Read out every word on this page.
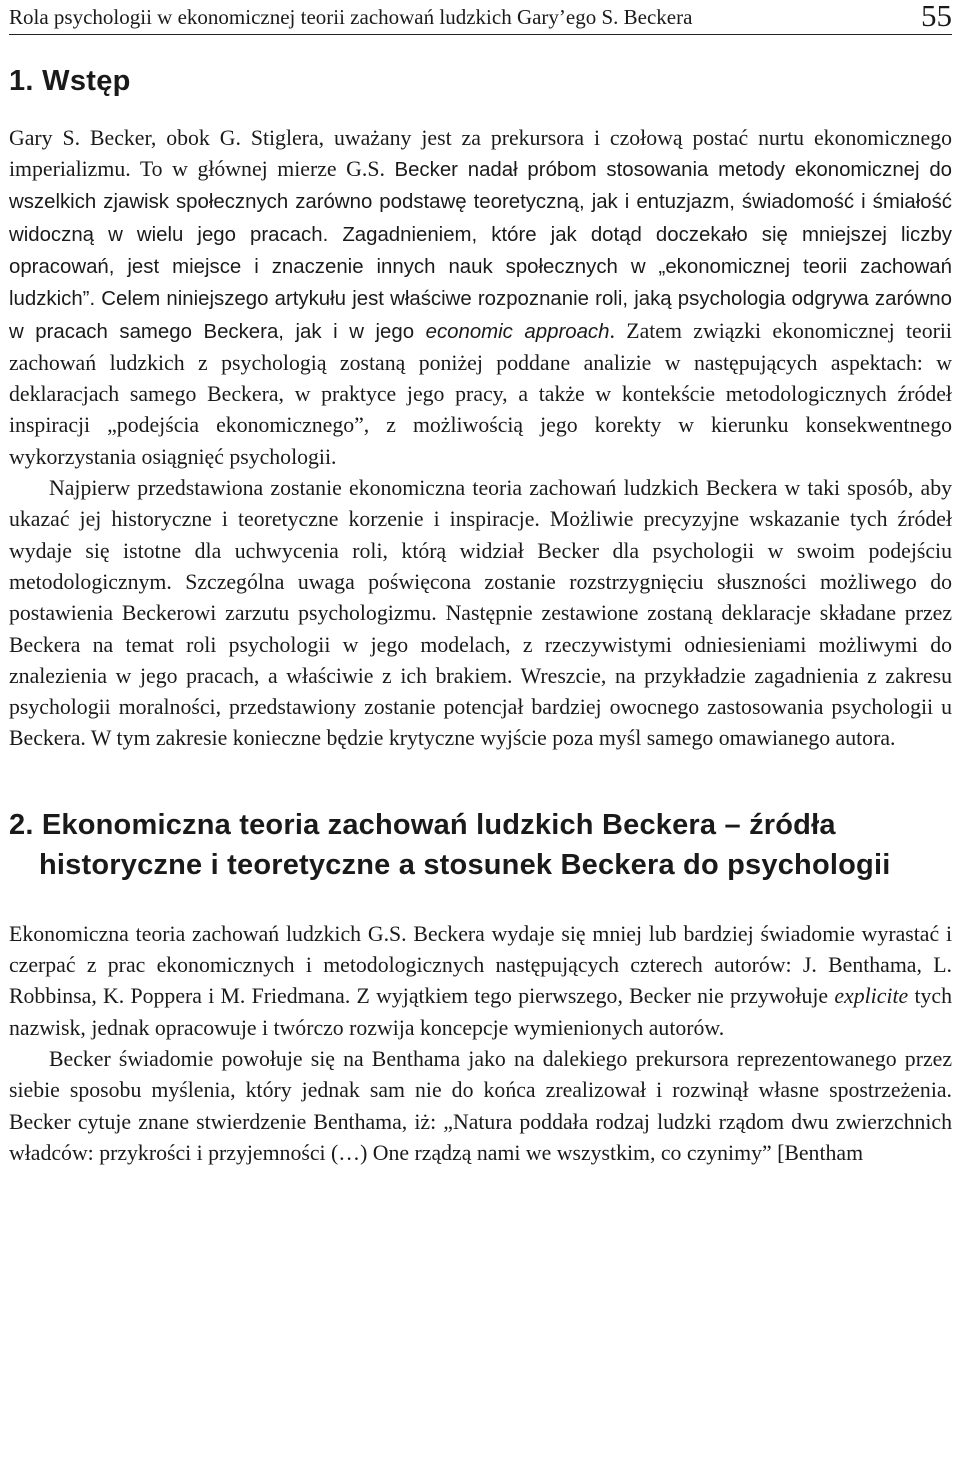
Rola psychologii w ekonomicznej teorii zachowań ludzkich Gary’ego S. Beckera	55
1. Wstęp

Gary S. Becker, obok G. Stiglera, uważany jest za prekursora i czołową postać nurtu ekonomicznego imperializmu. To w głównej mierze G.S. Becker nadał próbom stosowania metody ekonomicznej do wszelkich zjawisk społecznych zarówno podstawę teoretyczną, jak i entuzjazm, świadomość i śmiałość widoczną w wielu jego pracach. Zagadnieniem, które jak dotąd doczekało się mniejszej liczby opracowań, jest miejsce i znaczenie innych nauk społecznych w „ekonomicznej teorii zachowań ludzkich”. Celem niniejszego artykułu jest właściwe rozpoznanie roli, jaką psychologia odgrywa zarówno w pracach samego Beckera, jak i w jego economic approach. Zatem związki ekonomicznej teorii zachowań ludzkich z psychologią zostaną poniżej poddane analizie w następujących aspektach: w deklaracjach samego Beckera, w praktyce jego pracy, a także w kontekście metodologicznych źródeł inspiracji „podejścia ekonomicznego”, z możliwością jego korekty w kierunku konsekwentnego wykorzystania osiągnięć psychologii.

Najpierw przedstawiona zostanie ekonomiczna teoria zachowań ludzkich Beckera w taki sposób, aby ukazać jej historyczne i teoretyczne korzenie i inspiracje. Możliwie precyzyjne wskazanie tych źródeł wydaje się istotne dla uchwycenia roli, którą widział Becker dla psychologii w swoim podejściu metodologicznym. Szczególna uwaga poświęcona zostanie rozstrzygnięciu słuszności możliwego do postawienia Beckerowi zarzutu psychologizmu. Następnie zestawione zostaną deklaracje składane przez Beckera na temat roli psychologii w jego modelach, z rzeczywistymi odniesieniami możliwymi do znalezienia w jego pracach, a właściwie z ich brakiem. Wreszcie, na przykładzie zagadnienia z zakresu psychologii moralności, przedstawiony zostanie potencjał bardziej owocnego zastosowania psychologii u Beckera. W tym zakresie konieczne będzie krytyczne wyjście poza myśl samego omawianego autora.

2. Ekonomiczna teoria zachowań ludzkich Beckera – źródła historyczne i teoretyczne a stosunek Beckera do psychologii

Ekonomiczna teoria zachowań ludzkich G.S. Beckera wydaje się mniej lub bardziej świadomie wyrastać i czerpać z prac ekonomicznych i metodologicznych następujących czterech autorów: J. Benthama, L. Robbinsa, K. Poppera i M. Friedmana. Z wyjątkiem tego pierwszego, Becker nie przywołuje explicite tych nazwisk, jednak opracowuje i twórczo rozwija koncepcje wymienionych autorów.

Becker świadomie powołuje się na Benthama jako na dalekiego prekursora reprezentowanego przez siebie sposobu myślenia, który jednak sam nie do końca zrealizował i rozwinął własne spostrzeżenia. Becker cytuje znane stwierdzenie Benthama, iż: „Natura poddała rodzaj ludzki rządom dwu zwierzchnich władców: przykrości i przyjemności (…) One rządzą nami we wszystkim, co czynimy” [Bentham
